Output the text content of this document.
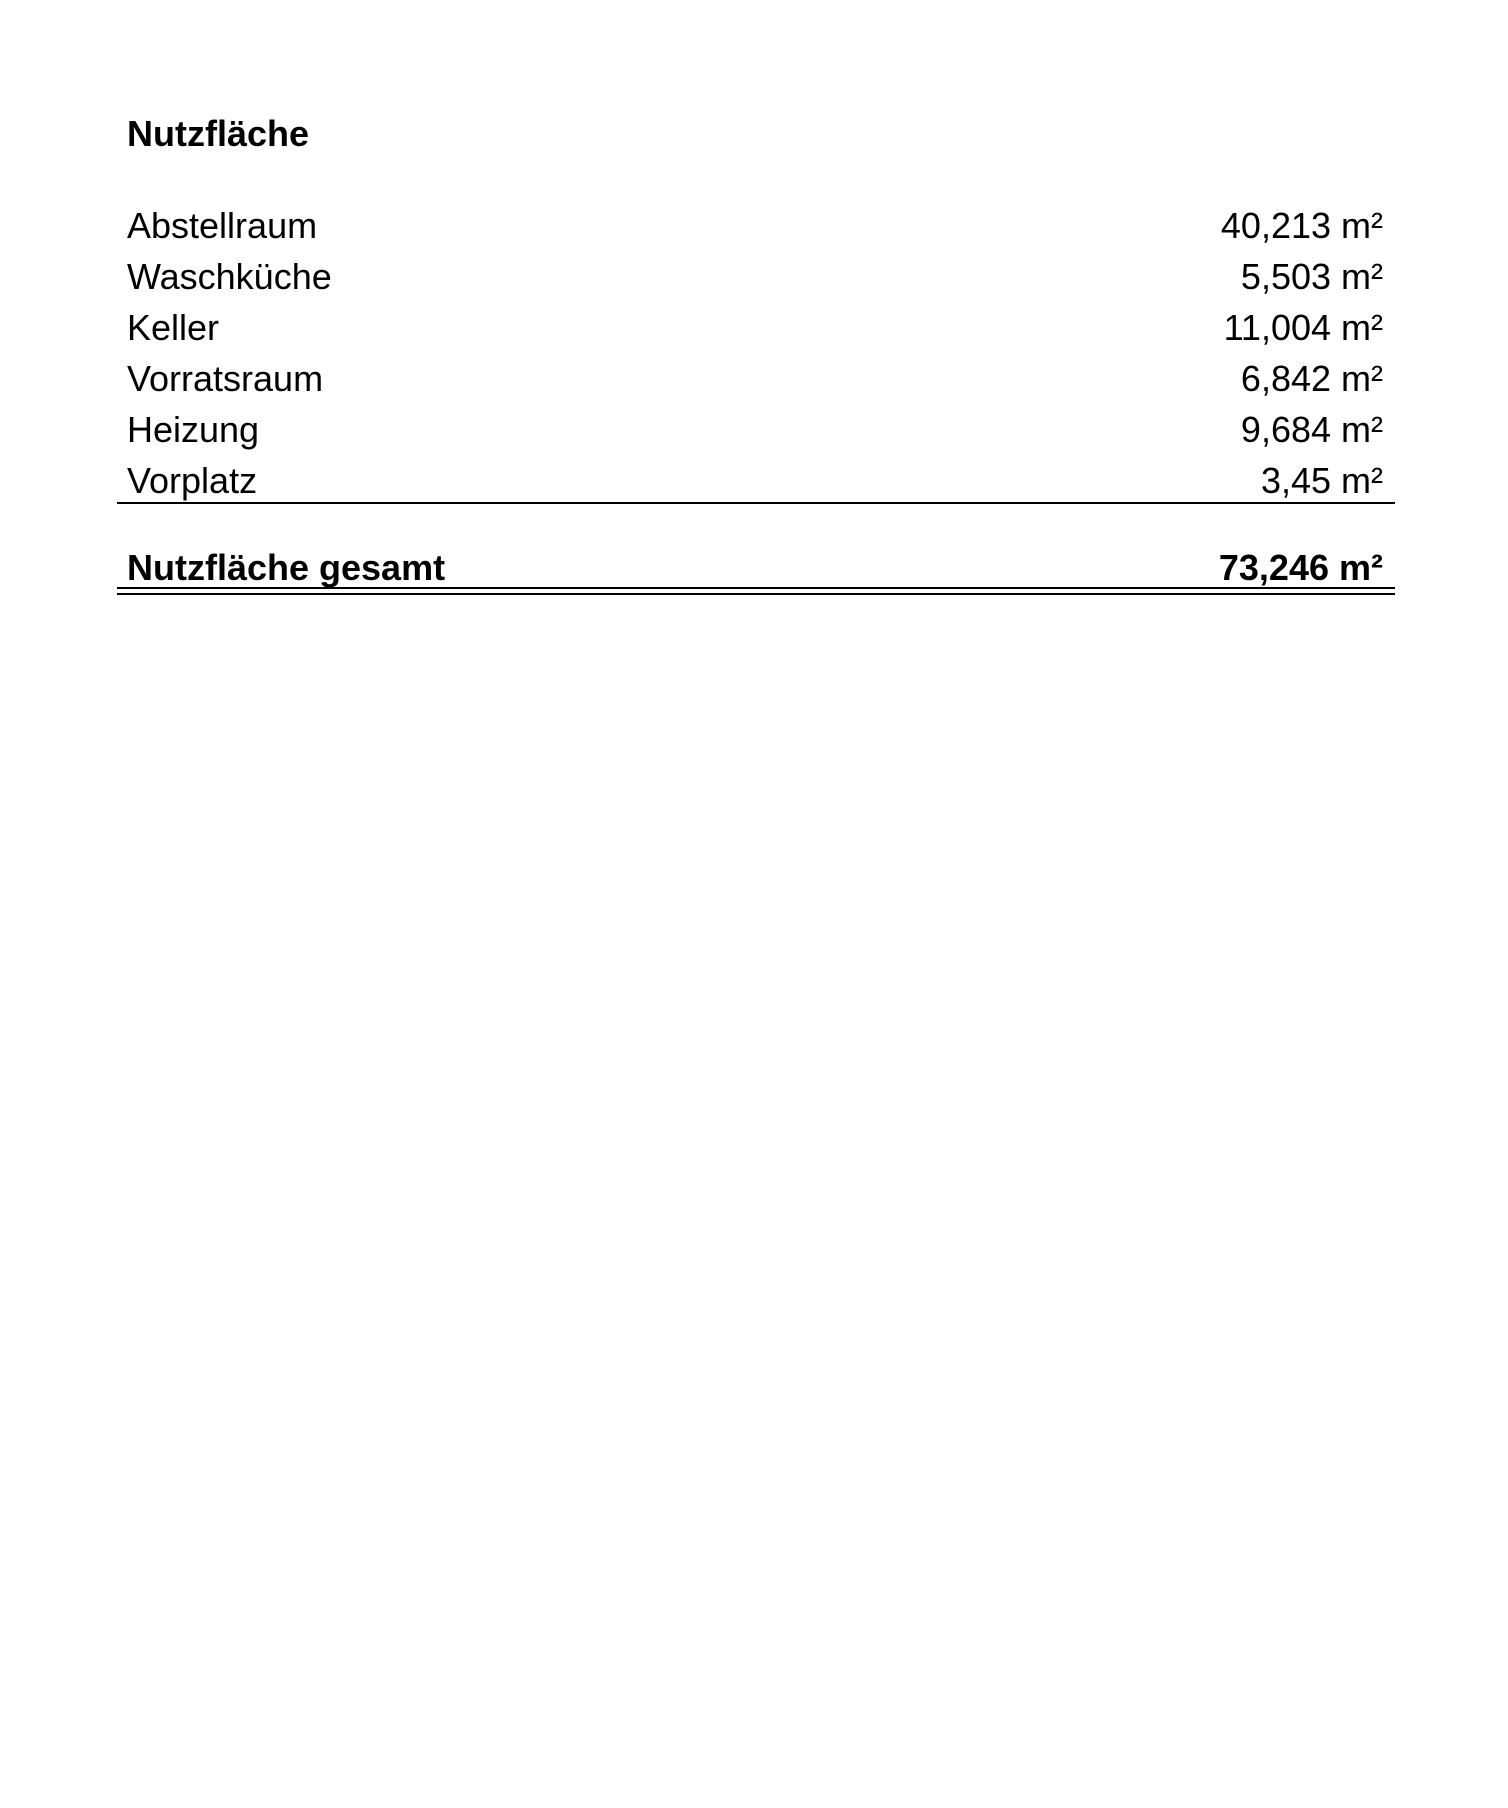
Nutzfläche
Abstellraum	40,213 m²
Waschküche	5,503 m²
Keller	11,004 m²
Vorratsraum	6,842 m²
Heizung	9,684 m²
Vorplatz	3,45 m²
Nutzfläche gesamt	73,246 m²
